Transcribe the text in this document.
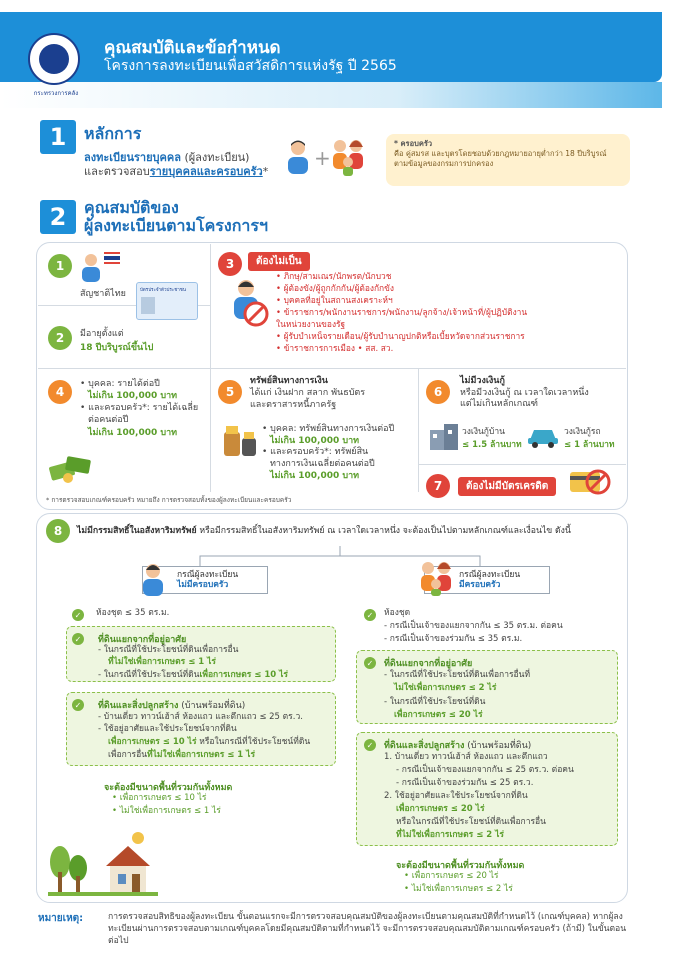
กระทรวงการคลัง
คุณสมบัติและข้อกำหนด
โครงการลงทะเบียนเพื่อสวัสดิการแห่งรัฐ ปี 2565
1	หลักการ
ลงทะเบียนรายบุคคล (ผู้ลงทะเบียน)
และตรวจสอบรายบุคคลและครอบครัว*
+
* ครอบครัว
คือ คู่สมรส และบุตรโดยชอบด้วยกฎหมายอายุต่ำกว่า 18 ปีบริบูรณ์ ตามข้อมูลของกรมการปกครอง
2	คุณสมบัติของ
ผู้ลงทะเบียนตามโครงการฯ
1
สัญชาติไทย	บัตรประจำตัวประชาชน
2	มีอายุตั้งแต่
18 ปีบริบูรณ์ขึ้นไป
3	ต้องไม่เป็น
• ภิกษุ/สามเณร/นักพรต/นักบวช
• ผู้ต้องขัง/ผู้ถูกกักกัน/ผู้ต้องกักขัง
• บุคคลที่อยู่ในสถานสงเคราะห์ฯ
• ข้าราชการ/พนักงานราชการ/พนักงาน/ลูกจ้าง/เจ้าหน้าที่/ผู้ปฏิบัติงาน
ในหน่วยงานของรัฐ
• ผู้รับบำเหน็จรายเดือน/ผู้รับบำนาญปกติหรือเบี้ยหวัดจากส่วนราชการ
• ข้าราชการการเมือง • สส. สว.
4
• บุคคล: รายได้ต่อปี
ไม่เกิน 100,000 บาท
• และครอบครัว*: รายได้เฉลี่ย
ต่อคนต่อปี
ไม่เกิน 100,000 บาท
5
ทรัพย์สินทางการเงิน
ได้แก่ เงินฝาก สลาก พันธบัตร
และตราสารหนี้ภาครัฐ
• บุคคล: ทรัพย์สินทางการเงินต่อปี
ไม่เกิน 100,000 บาท
• และครอบครัว*: ทรัพย์สิน
ทางการเงินเฉลี่ยต่อคนต่อปี
ไม่เกิน 100,000 บาท
6
ไม่มีวงเงินกู้
หรือมีวงเงินกู้ ณ เวลาใดเวลาหนึ่ง
แต่ไม่เกินหลักเกณฑ์
วงเงินกู้บ้าน
≤ 1.5 ล้านบาท
วงเงินกู้รถ
≤ 1 ล้านบาท
7	ต้องไม่มีบัตรเครดิต
* การตรวจสอบเกณฑ์ครอบครัว หมายถึง การตรวจสอบทั้งของผู้ลงทะเบียนและครอบครัว
8	ไม่มีกรรมสิทธิ์ในอสังหาริมทรัพย์ หรือมีกรรมสิทธิ์ในอสังหาริมทรัพย์ ณ เวลาใดเวลาหนึ่ง จะต้องเป็นไปตามหลักเกณฑ์และเงื่อนไข ดังนี้
กรณีผู้ลงทะเบียน
ไม่มีครอบครัว
กรณีผู้ลงทะเบียน
มีครอบครัว
✓	ห้องชุด ≤ 35 ตร.ม.
✓ ที่ดินแยกจากที่อยู่อาศัย
- ในกรณีที่ใช้ประโยชน์ที่ดินเพื่อการอื่น
ที่ไม่ใช่เพื่อการเกษตร ≤ 1 ไร่
- ในกรณีที่ใช้ประโยชน์ที่ดินเพื่อการเกษตร ≤ 10 ไร่
✓ ที่ดินและสิ่งปลูกสร้าง (บ้านพร้อมที่ดิน)
- บ้านเดี่ยว ทาวน์เฮ้าส์ ห้องแถว และตึกแถว ≤ 25 ตร.ว.
- ใช้อยู่อาศัยและใช้ประโยชน์จากที่ดิน
เพื่อการเกษตร ≤ 10 ไร่ หรือในกรณีที่ใช้ประโยชน์ที่ดิน
เพื่อการอื่นที่ไม่ใช่เพื่อการเกษตร ≤ 1 ไร่
จะต้องมีขนาดพื้นที่รวมกันทั้งหมด
• เพื่อการเกษตร ≤ 10 ไร่
• ไม่ใช่เพื่อการเกษตร ≤ 1 ไร่
✓	ห้องชุด
- กรณีเป็นเจ้าของแยกจากกัน ≤ 35 ตร.ม. ต่อคน
- กรณีเป็นเจ้าของร่วมกัน ≤ 35 ตร.ม.
✓ ที่ดินแยกจากที่อยู่อาศัย
- ในกรณีที่ใช้ประโยชน์ที่ดินเพื่อการอื่นที่
ไม่ใช่เพื่อการเกษตร ≤ 2 ไร่
- ในกรณีที่ใช้ประโยชน์ที่ดิน
เพื่อการเกษตร ≤ 20 ไร่
✓ ที่ดินและสิ่งปลูกสร้าง (บ้านพร้อมที่ดิน)
1. บ้านเดี่ยว ทาวน์เฮ้าส์ ห้องแถว และตึกแถว
- กรณีเป็นเจ้าของแยกจากกัน ≤ 25 ตร.ว. ต่อคน
- กรณีเป็นเจ้าของร่วมกัน ≤ 25 ตร.ว.
2. ใช้อยู่อาศัยและใช้ประโยชน์จากที่ดิน
เพื่อการเกษตร ≤ 20 ไร่
หรือในกรณีที่ใช้ประโยชน์ที่ดินเพื่อการอื่น
ที่ไม่ใช่เพื่อการเกษตร ≤ 2 ไร่
จะต้องมีขนาดพื้นที่รวมกันทั้งหมด
• เพื่อการเกษตร ≤ 20 ไร่
• ไม่ใช่เพื่อการเกษตร ≤ 2 ไร่
หมายเหตุ:	การตรวจสอบสิทธิของผู้ลงทะเบียน ขั้นตอนแรกจะมีการตรวจสอบคุณสมบัติของผู้ลงทะเบียนตามคุณสมบัติที่กำหนดไว้ (เกณฑ์บุคคล) หากผู้ลงทะเบียนผ่านการตรวจสอบตามเกณฑ์บุคคลโดยมีคุณสมบัติตามที่กำหนดไว้ จะมีการตรวจสอบคุณสมบัติตามเกณฑ์ครอบครัว (ถ้ามี) ในขั้นตอนต่อไป
